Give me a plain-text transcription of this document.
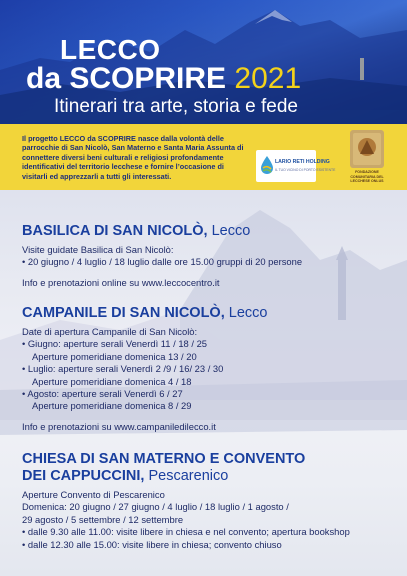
LECCO
da SCOPRIRE 2021
Itinerari tra arte, storia e fede
Il progetto LECCO da SCOPRIRE nasce dalla volontà delle parrocchie di San Nicolò, San Materno e Santa Maria Assunta di connettere diversi beni culturali e religiosi profondamente identificativi del territorio lecchese e fornire l’occasione di visitarli ed apprezzarli a tutti gli interessati.
LARIO RETI HOLDING
IL TUO VICINO DI PORTO ESISTENTE	FONDAZIONE COMUNITARIA DEL LECCHESE ONLUS

BASILICA DI SAN NICOLÒ, Lecco

Visite guidate Basilica di San Nicolò:

• 20 giugno / 4 luglio / 18 luglio dalle ore 15.00 gruppi di 20 persone

Info e prenotazioni online su www.leccocentro.it

CAMPANILE DI SAN NICOLÒ, Lecco

Date di apertura Campanile di San Nicolò:

• Giugno: aperture serali Venerdì 11 / 18 / 25

Aperture pomeridiane domenica 13 / 20

• Luglio: aperture serali Venerdì 2 /9 / 16/ 23 / 30

Aperture pomeridiane domenica 4 / 18

• Agosto: aperture serali Venerdì 6 / 27

Aperture pomeridiane domenica 8 / 29

Info e prenotazioni su www.campaniledilecco.it

CHIESA DI SAN MATERNO E CONVENTO

DEI CAPPUCCINI, Pescarenico

Aperture Convento di Pescarenico

Domenica: 20 giugno / 27 giugno / 4 luglio / 18 luglio / 1 agosto /

29 agosto / 5 settembre / 12 settembre

• dalle 9.30 alle 11.00: visite libere in chiesa e nel convento; apertura bookshop

• dalle 12.30 alle 15.00: visite libere in chiesa; convento chiuso
